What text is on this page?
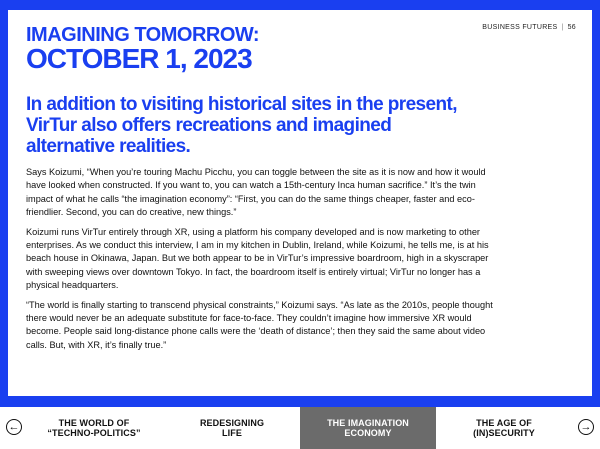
IMAGINING TOMORROW:
OCTOBER 1, 2023
BUSINESS FUTURES | 56
In addition to visiting historical sites in the present, VirTur also offers recreations and imagined alternative realities.

Says Koizumi, “When you’re touring Machu Picchu, you can toggle between the site as it is now and how it would have looked when constructed. If you want to, you can watch a 15th-century Inca human sacrifice.” It’s the twin impact of what he calls “the imagination economy”: “First, you can do the same things cheaper, faster and eco-friendlier. Second, you can do creative, new things.”

Koizumi runs VirTur entirely through XR, using a platform his company developed and is now marketing to other enterprises. As we conduct this interview, I am in my kitchen in Dublin, Ireland, while Koizumi, he tells me, is at his beach house in Okinawa, Japan. But we both appear to be in VirTur’s impressive boardroom, high in a skyscraper with sweeping views over downtown Tokyo. In fact, the boardroom itself is entirely virtual; VirTur no longer has a physical headquarters.

“The world is finally starting to transcend physical constraints,” Koizumi says. “As late as the 2010s, people thought there would never be an adequate substitute for face-to-face. They couldn’t imagine how immersive XR would become. People said long-distance phone calls were the ‘death of distance’; then they said the same about video calls. But, with XR, it’s finally true.”

←	THE WORLD OF
“TECHNO-POLITICS”
REDESIGNING
LIFE
THE IMAGINATION
ECONOMY
THE AGE OF
(IN)SECURITY
→
